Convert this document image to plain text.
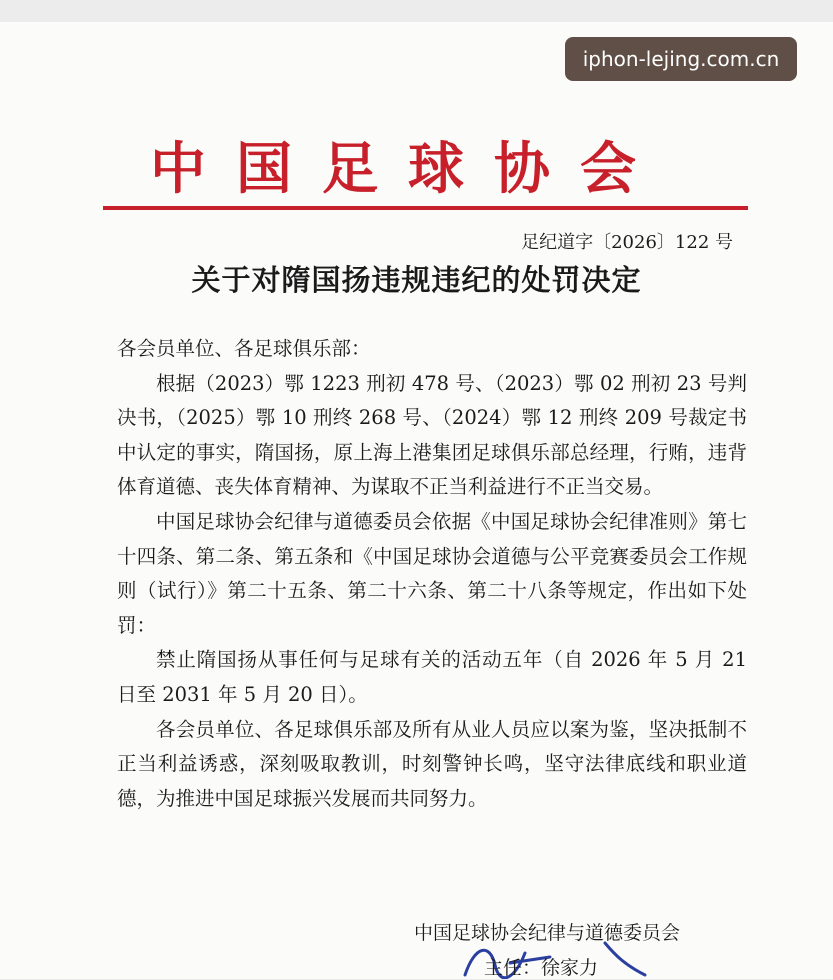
iphon-lejing.com.cn
中国足球协会
足纪道字〔2026〕122 号
关于对隋国扬违规违纪的处罚决定

各会员单位、各足球俱乐部：

根据（2023）鄂 1223 刑初 478 号、（2023）鄂 02 刑初 23 号判决书，（2025）鄂 10 刑终 268 号、（2024）鄂 12 刑终 209 号裁定书中认定的事实，隋国扬，原上海上港集团足球俱乐部总经理，行贿，违背体育道德、丧失体育精神、为谋取不正当利益进行不正当交易。

中国足球协会纪律与道德委员会依据《中国足球协会纪律准则》第七十四条、第二条、第五条和《中国足球协会道德与公平竞赛委员会工作规则（试行）》第二十五条、第二十六条、第二十八条等规定，作出如下处罚：

禁止隋国扬从事任何与足球有关的活动五年（自 2026 年 5 月 21 日至 2031 年 5 月 20 日）。

各会员单位、各足球俱乐部及所有从业人员应以案为鉴，坚决抵制不正当利益诱惑，深刻吸取教训，时刻警钟长鸣，坚守法律底线和职业道德，为推进中国足球振兴发展而共同努力。

中国足球协会纪律与道德委员会
主任：徐家力
